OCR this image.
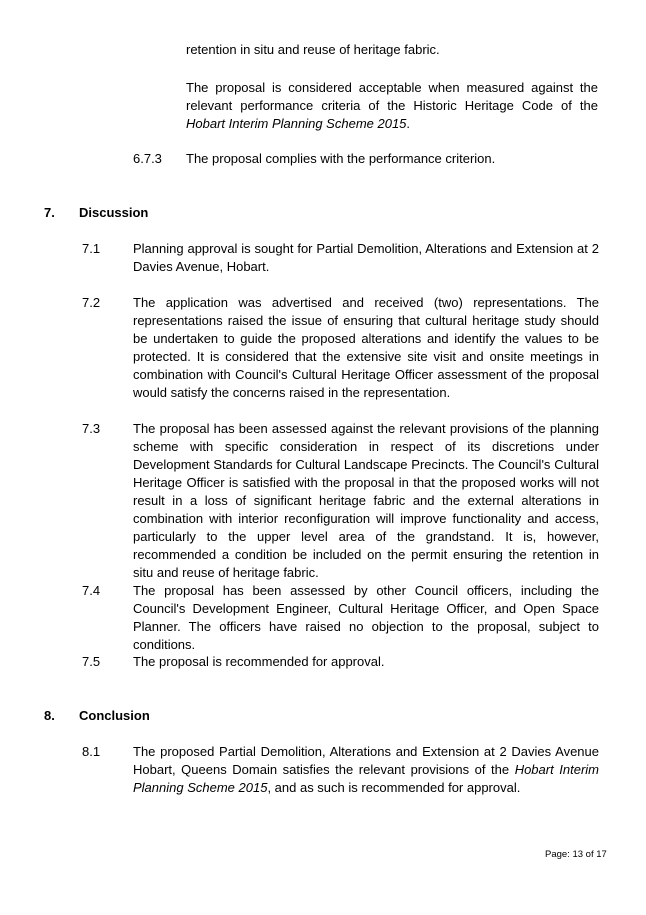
retention in situ and reuse of heritage fabric.
The proposal is considered acceptable when measured against the relevant performance criteria of the Historic Heritage Code of the Hobart Interim Planning Scheme 2015.
6.7.3 The proposal complies with the performance criterion.
7. Discussion
7.1	Planning approval is sought for Partial Demolition, Alterations and Extension at 2 Davies Avenue, Hobart.
7.2	The application was advertised and received (two) representations. The representations raised the issue of ensuring that cultural heritage study should be undertaken to guide the proposed alterations and identify the values to be protected. It is considered that the extensive site visit and onsite meetings in combination with Council's Cultural Heritage Officer assessment of the proposal would satisfy the concerns raised in the representation.
7.3	The proposal has been assessed against the relevant provisions of the planning scheme with specific consideration in respect of its discretions under Development Standards for Cultural Landscape Precincts. The Council's Cultural Heritage Officer is satisfied with the proposal in that the proposed works will not result in a loss of significant heritage fabric and the external alterations in combination with interior reconfiguration will improve functionality and access, particularly to the upper level area of the grandstand. It is, however, recommended a condition be included on the permit ensuring the retention in situ and reuse of heritage fabric.
7.4	The proposal has been assessed by other Council officers, including the Council's Development Engineer, Cultural Heritage Officer, and Open Space Planner. The officers have raised no objection to the proposal, subject to conditions.
7.5	The proposal is recommended for approval.
8. Conclusion
8.1	The proposed Partial Demolition, Alterations and Extension at 2 Davies Avenue Hobart, Queens Domain satisfies the relevant provisions of the Hobart Interim Planning Scheme 2015, and as such is recommended for approval.
Page: 13 of 17
